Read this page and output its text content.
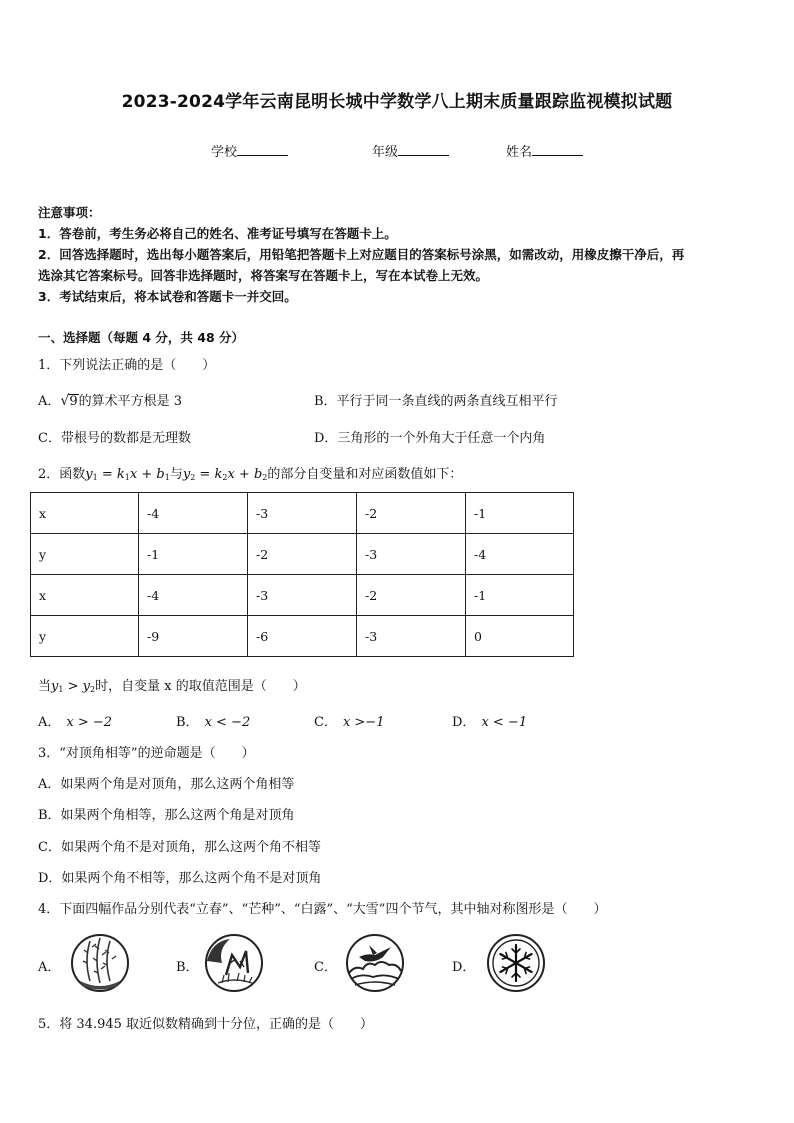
2023-2024学年云南昆明长城中学数学八上期末质量跟踪监视模拟试题
学校	年级	姓名
注意事项：
1．答卷前，考生务必将自己的姓名、准考证号填写在答题卡上。
2．回答选择题时，选出每小题答案后，用铅笔把答题卡上对应题目的答案标号涂黑，如需改动，用橡皮擦干净后，再
选涂其它答案标号。回答非选择题时，将答案写在答题卡上，写在本试卷上无效。
3．考试结束后，将本试卷和答题卡一并交回。
一、选择题（每题 4 分，共 48 分）
1．下列说法正确的是（　　）
A．√9的算术平方根是 3	B．平行于同一条直线的两条直线互相平行
C．带根号的数都是无理数	D．三角形的一个外角大于任意一个内角
2．函数$y_1 = k_1x + b_1$与$y_2 = k_2x + b_2$的部分自变量和对应函数值如下：
x	-4	-3	-2	-1
y	-1	-2	-3	-4
x	-4	-3	-2	-1
y	-9	-6	-3	0
当$y_1 > y_2$时，自变量 x 的取值范围是（　　）
A． x > −2	B． x < −2	C． x >−1	D． x < −1
3．“对顶角相等”的逆命题是（　　）
A．如果两个角是对顶角，那么这两个角相等
B．如果两个角相等，那么这两个角是对顶角
C．如果两个角不是对顶角，那么这两个角不相等
D．如果两个角不相等，那么这两个角不是对顶角
4．下面四幅作品分别代表“立春”、“芒种”、“白露”、“大雪”四个节气，其中轴对称图形是（　　）
A．	B．	C．	D．
5．将 34.945 取近似数精确到十分位，正确的是（　　）
